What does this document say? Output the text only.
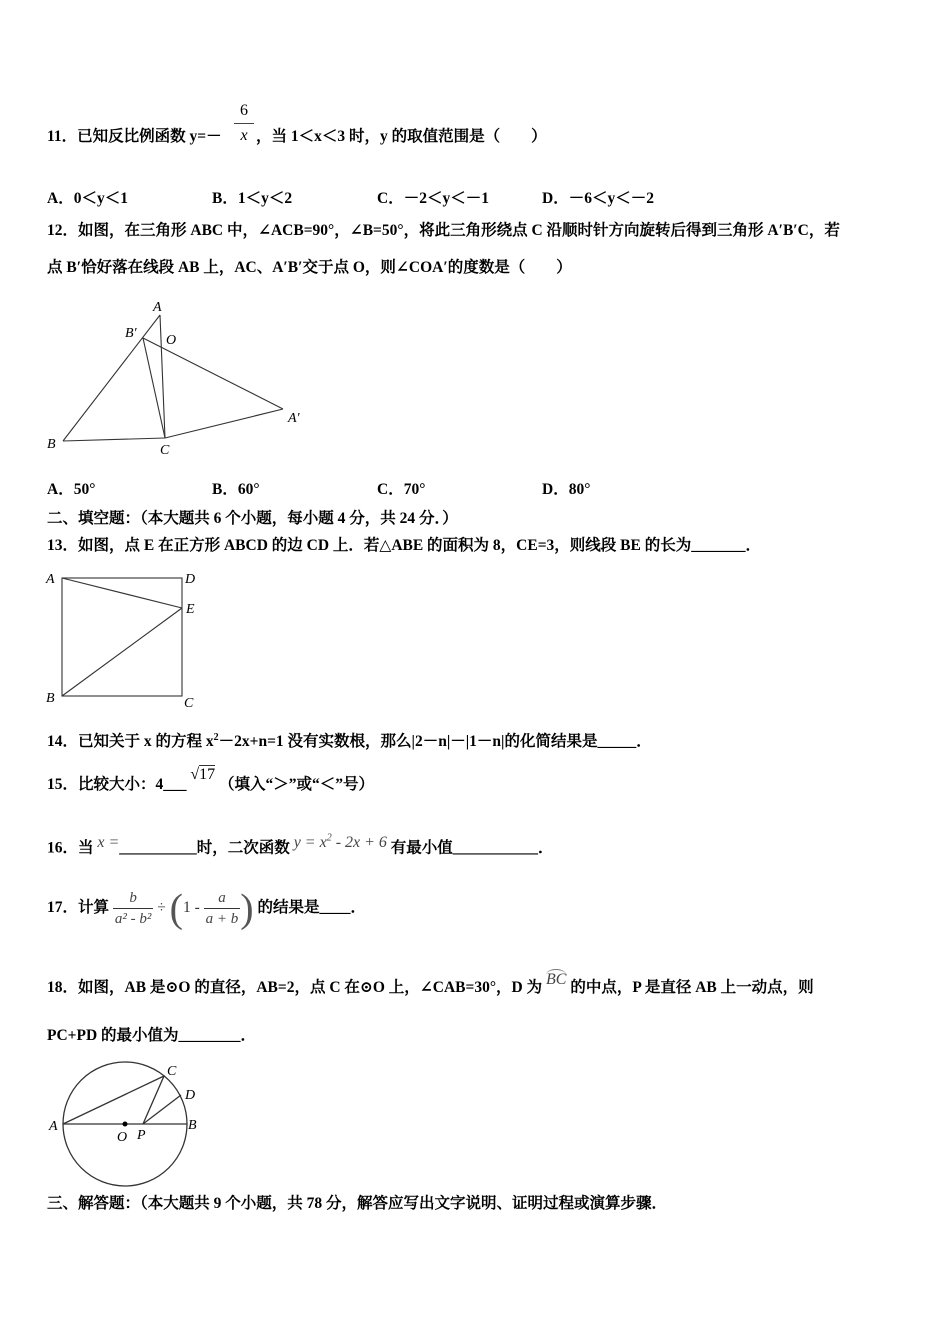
11．已知反比例函数 $y=- \frac{6}{x}$ ，当 1＜x＜3 时，y 的取值范围是（　　）
A．0＜y＜1	B．1＜y＜2	C．－2＜y＜－1	D．－6＜y＜－2
12．如图，在三角形 ABC 中，∠ACB=90°，∠B=50°，将此三角形绕点 C 沿顺时针方向旋转后得到三角形 A′B′C，若
点 B′恰好落在线段 AB 上，AC、A′B′交于点 O，则∠COA′的度数是（　　）
A
B′ O
A′
B	C
A．50°	B．60°	C．70°	D．80°
二、填空题：（本大题共 6 个小题，每小题 4 分，共 24 分．）
13．如图，点 E 在正方形 ABCD 的边 CD 上．若△ABE 的面积为 8，CE=3，则线段 BE 的长为_______．
A	D
E
B	C
14．已知关于 x 的方程 $x^2-2x+n=1$ 没有实数根，那么|2－n|－|1－n|的化简结果是_____．
15．比较大小：4___ √17 （填入“＞”或“＜”号）
16．当 x =__________时，二次函数 $y = x^2 - 2x + 6$ 有最小值___________．
17．计算 $\frac{b}{\text{a² - b²}} \div (1 - \frac{a}{a + b}$ ) 的结果是____．
18．如图，AB 是⊙O 的直径，AB=2，点 C 在⊙O 上，∠CAB=30°，D 为 BC 的中点，P 是直径 AB 上一动点，则
PC+PD 的最小值为________．
C
D
A	B
O P
三、解答题：（本大题共 9 个小题，共 78 分，解答应写出文字说明、证明过程或演算步骤．
